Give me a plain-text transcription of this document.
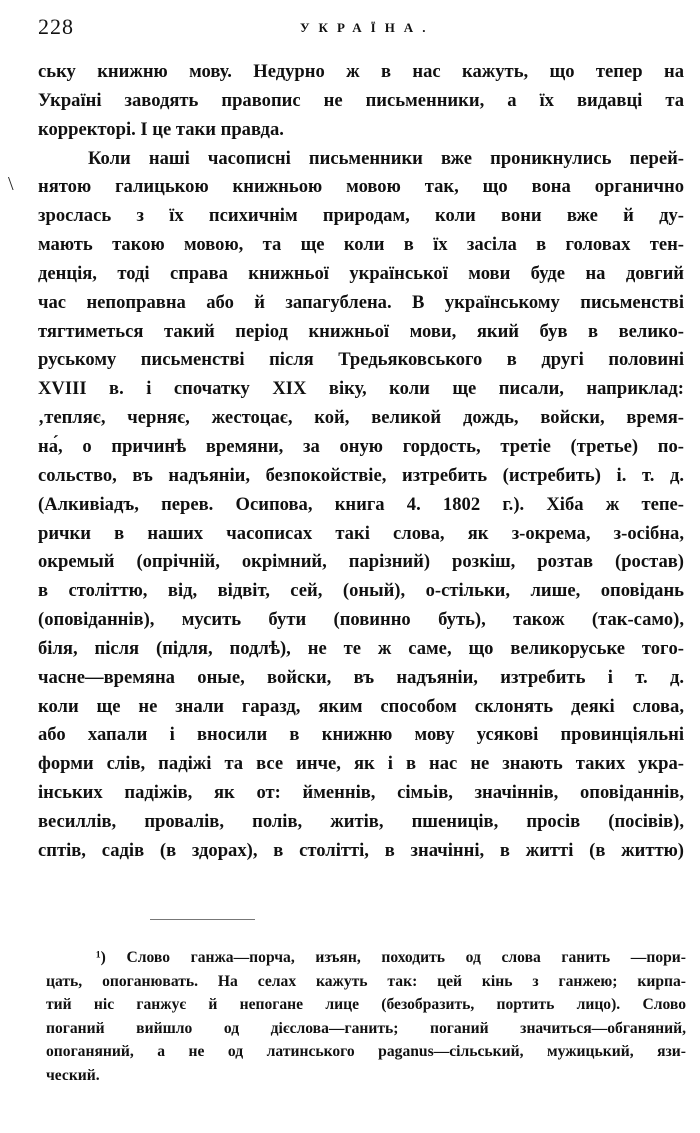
228	УКРАЇНА.
\
ську книжню мову. Недурно ж в нас кажуть, що тепер на
Україні заводять правопис не письменники, а їх видавці та
корректорі. І це таки правда.
Коли наші часописні письменники вже проникнулись перей-
нятою галицькою книжньою мовою так, що вона органично
зрослась з їх психичнім природам, коли вони вже й ду-
мають такою мовою, та ще коли в їх засіла в головах тен-
денція, тоді справа книжньої української мови буде на довгий
час непоправна або й запагублена. В українському письменстві
тягтиметься такий період книжньої мови, який був в велико-
руському письменстві після Тредьяковського в другі половині
XVIII в. і спочатку XIX віку, коли ще писали, наприклад:
‚тепляє, черняє, жестоцає, кой, великой дождь, войски, время-
на́, о причинѣ времяни, за оную гордость, третіе (третье) по-
сольство, въ надъяніи, безпокойствіе, изтребить (истребить) і. т. д.
(Алкивіадъ, перев. Осипова, книга 4. 1802 г.). Хіба ж тепе-
рички в наших часописах такі слова, як з-окрема, з-осібна,
окремый (опрічній, окрімний, парізний) розкіш, розтав (ростав)
в століттю, від, відвіт, сей, (оный), о-стільки, лише, оповідань
(оповіданнів), мусить бути (повинно буть), також (так-само),
біля, після (підля, подлѣ), не те ж саме, що великоруське тогo-
часне—времяна оные, войски, въ надъяніи, изтребить і т. д.
коли ще не знали гаразд, яким способом склонять деякі слова,
або хапали і вносили в книжню мову усякові провинціяльні
форми слів, падіжі та все инче, як і в нас не знають таких укра-
інських падіжів, як от: йменнів, сімьів, значіннів, оповіданнів,
весиллів, провалів, полів, житів, пшениців, просів (посівів),
сптів, садів (в здорах), в столітті, в значінні, в житті (в життю)
¹) Слово ганжа—порча, изъян, походить од слова ганить —пори-
цать, опоганювать. На селах кажуть так: цей кінь з ганжею; кирпа-
тий ніс ганжує й непогане лице (безобразить, портить лицо). Слово
поганий вийшло од дієслова—ганить; поганий значиться—обганяний,
опоганяний, а не од латинського paganus—сільський, мужицький, язи-
ческий.
